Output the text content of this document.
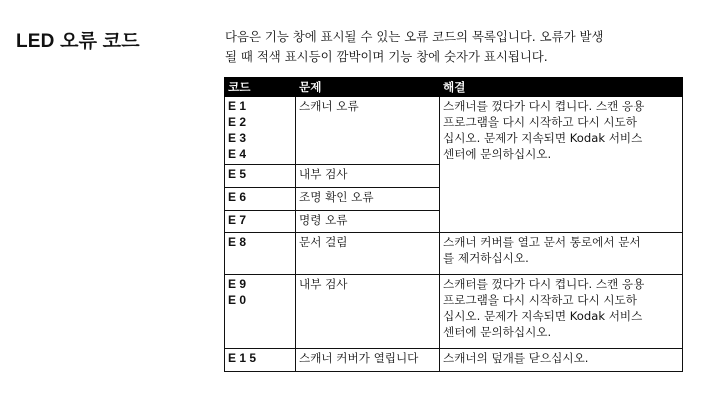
LED 오류 코드	다음은 기능 창에 표시될 수 있는 오류 코드의 목록입니다. 오류가 발생
될 때 적색 표시등이 깜박이며 기능 창에 숫자가 표시됩니다.

코드	문제	해결

E 1
E 2
E 3
E 4	스캐너 오류	스캐너를 껐다가 다시 켭니다. 스캔 응용
프로그램을 다시 시작하고 다시 시도하
십시오. 문제가 지속되면 Kodak 서비스
센터에 문의하십시오.

E 5	내부 검사	

E 6	조명 확인 오류	

E 7	명령 오류	

E 8	문서 걸림	스캐너 커버를 열고 문서 통로에서 문서
를 제거하십시오.

E 9
E 0	내부 검사	스캐터를 껐다가 다시 켭니다. 스캔 응용
프로그램을 다시 시작하고 다시 시도하
십시오. 문제가 지속되면 Kodak 서비스
센터에 문의하십시오.

E 1 5	스캐너 커버가 열립니다	스캐너의 덮개를 닫으십시오.
